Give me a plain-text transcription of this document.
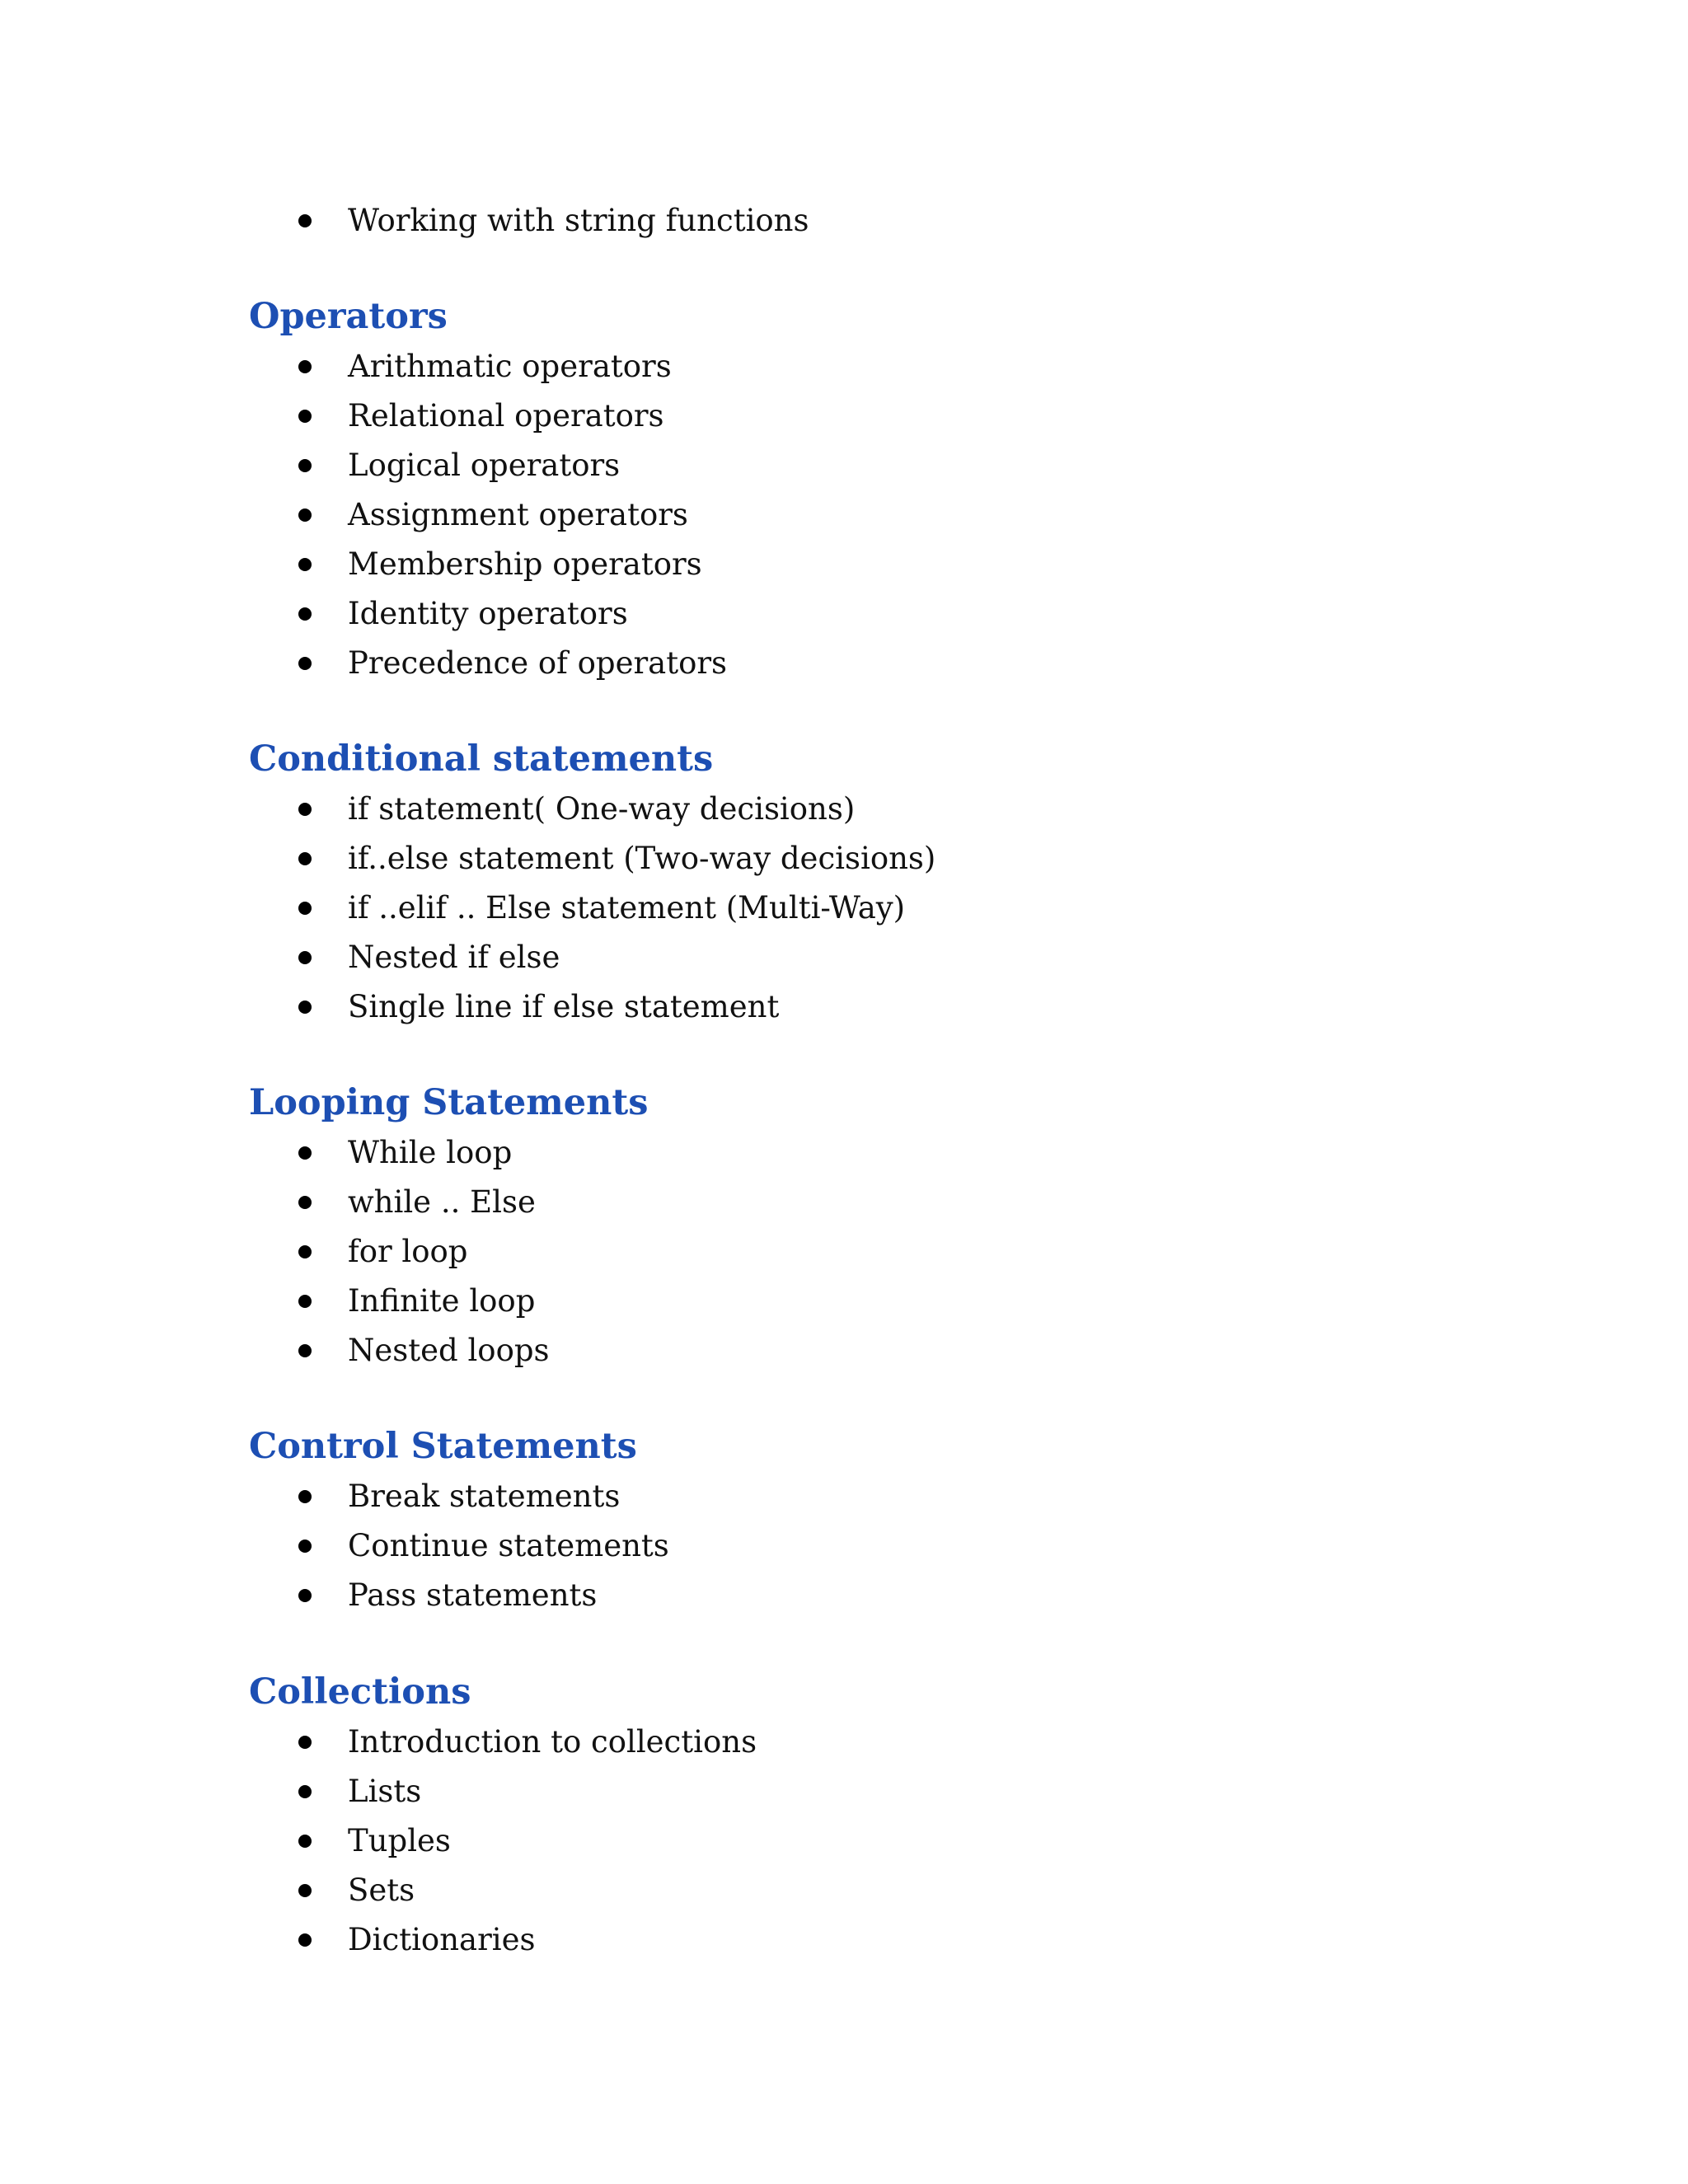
Working with string functions
Operators
Arithmatic operators
Relational operators
Logical operators
Assignment operators
Membership operators
Identity operators
Precedence of operators
Conditional statements
if statement( One-way decisions)
if..else statement (Two-way decisions)
if ..elif .. Else statement (Multi-Way)
Nested if else
Single line if else statement
Looping Statements
While loop
while .. Else
for loop
Infinite loop
Nested loops
Control Statements
Break statements
Continue statements
Pass statements
Collections
Introduction to collections
Lists
Tuples
Sets
Dictionaries
